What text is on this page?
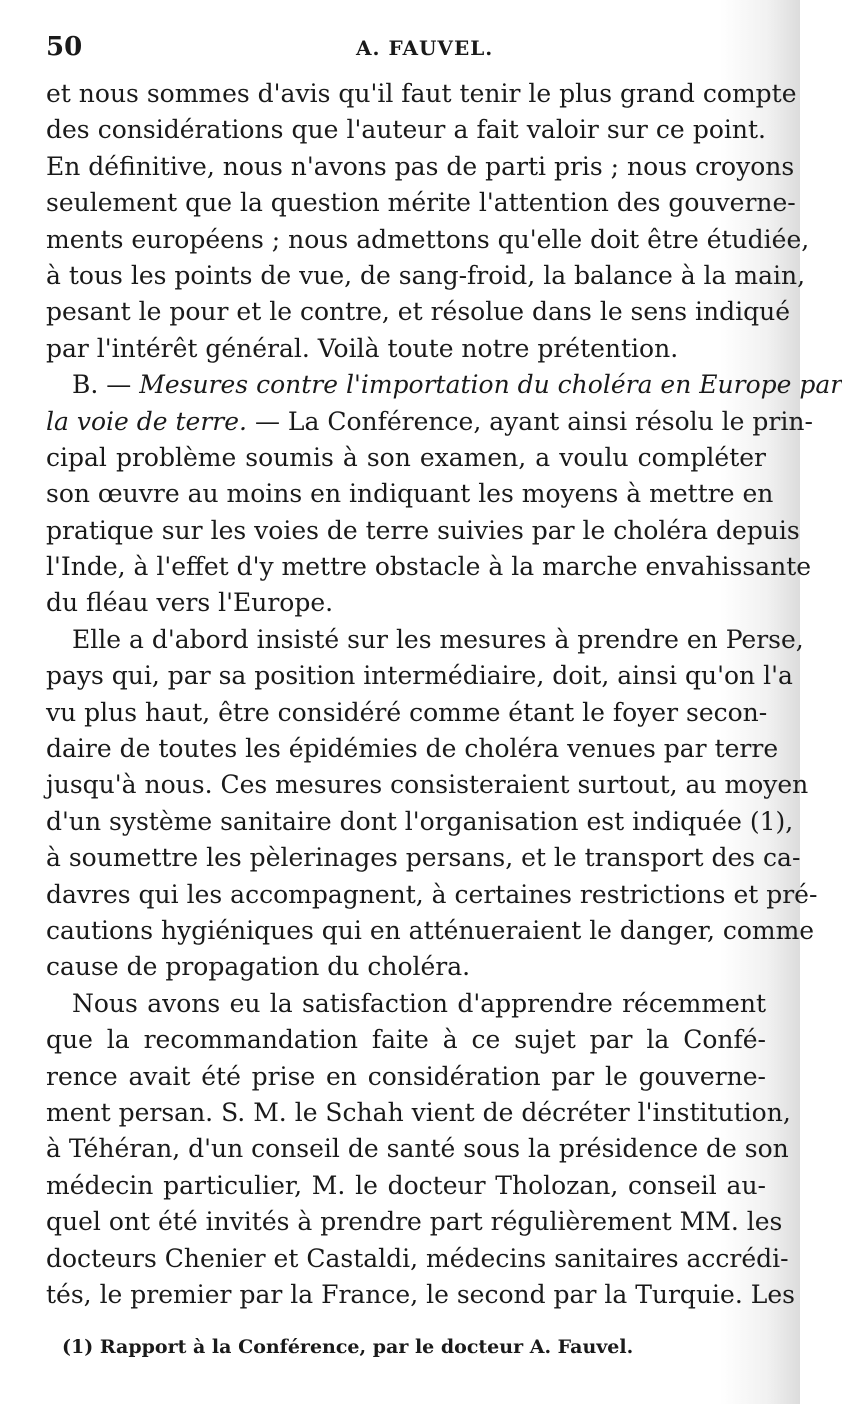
50	A. FAUVEL.
et nous sommes d'avis qu'il faut tenir le plus grand compte
des considérations que l'auteur a fait valoir sur ce point.
En définitive, nous n'avons pas de parti pris ; nous croyons
seulement que la question mérite l'attention des gouverne-
ments européens ; nous admettons qu'elle doit être étudiée,
à tous les points de vue, de sang-froid, la balance à la main,
pesant le pour et le contre, et résolue dans le sens indiqué
par l'intérêt général. Voilà toute notre prétention.
B. — Mesures contre l'importation du choléra en Europe par
la voie de terre. — La Conférence, ayant ainsi résolu le prin-
cipal problème soumis à son examen, a voulu compléter
son œuvre au moins en indiquant les moyens à mettre en
pratique sur les voies de terre suivies par le choléra depuis
l'Inde, à l'effet d'y mettre obstacle à la marche envahissante
du fléau vers l'Europe.
Elle a d'abord insisté sur les mesures à prendre en Perse,
pays qui, par sa position intermédiaire, doit, ainsi qu'on l'a
vu plus haut, être considéré comme étant le foyer secon-
daire de toutes les épidémies de choléra venues par terre
jusqu'à nous. Ces mesures consisteraient surtout, au moyen
d'un système sanitaire dont l'organisation est indiquée (1),
à soumettre les pèlerinages persans, et le transport des ca-
davres qui les accompagnent, à certaines restrictions et pré-
cautions hygiéniques qui en atténueraient le danger, comme
cause de propagation du choléra.
Nous avons eu la satisfaction d'apprendre récemment
que la recommandation faite à ce sujet par la Confé-
rence avait été prise en considération par le gouverne-
ment persan. S. M. le Schah vient de décréter l'institution,
à Téhéran, d'un conseil de santé sous la présidence de son
médecin particulier, M. le docteur Tholozan, conseil au-
quel ont été invités à prendre part régulièrement MM. les
docteurs Chenier et Castaldi, médecins sanitaires accrédi-
tés, le premier par la France, le second par la Turquie. Les
(1) Rapport à la Conférence, par le docteur A. Fauvel.
